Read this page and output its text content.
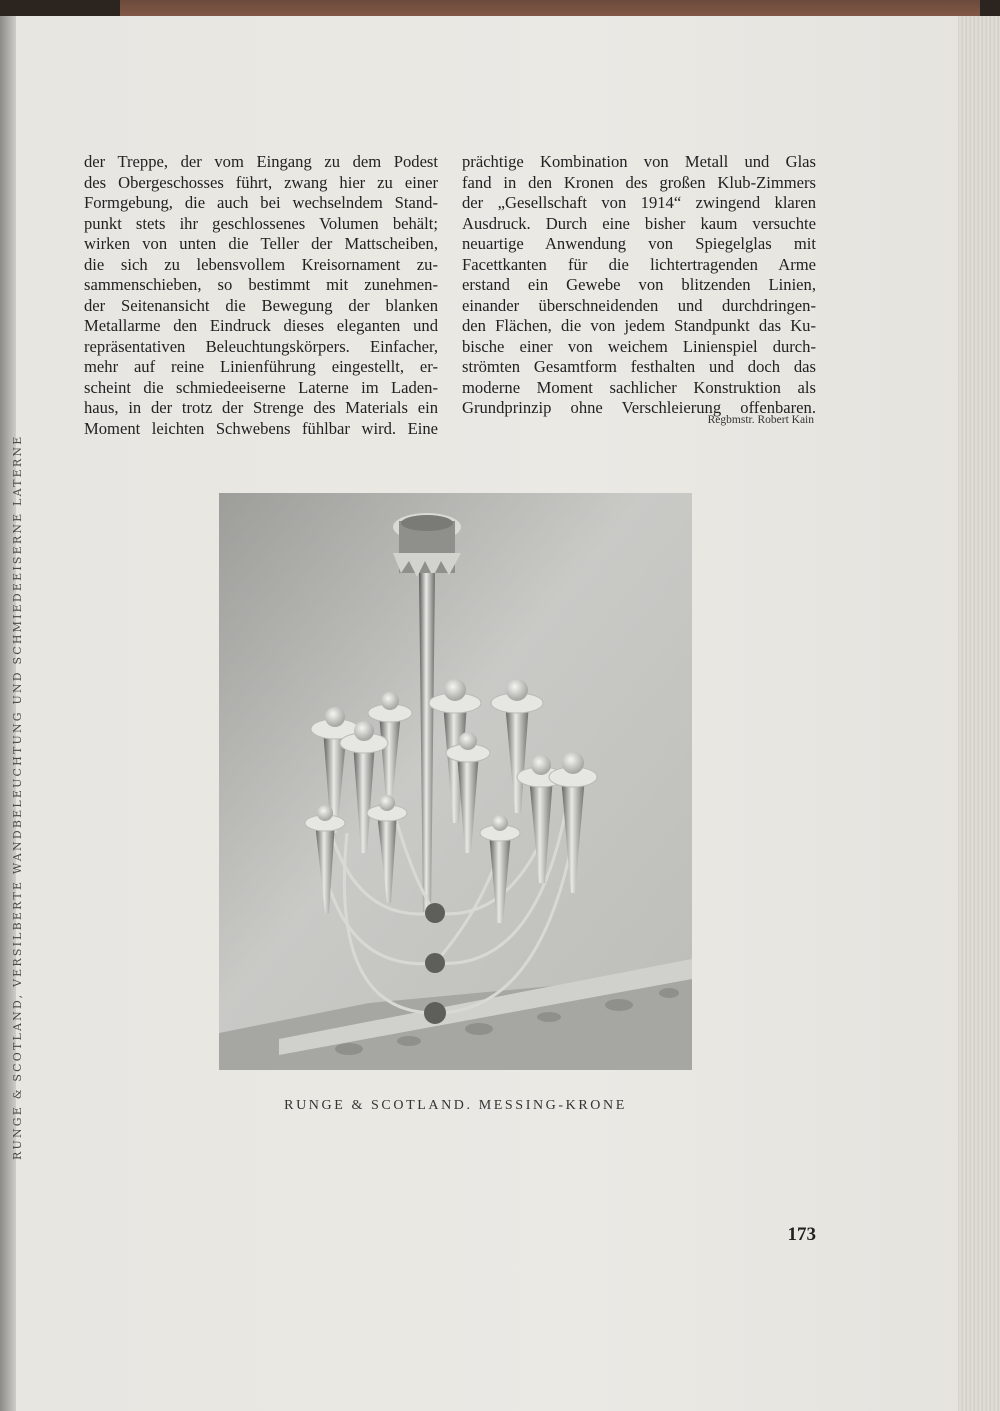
RUNGE & SCOTLAND, VERSILBERTE WANDBELEUCHTUNG UND SCHMIEDEEISERNE LATERNE
der Treppe, der vom Eingang zu dem Podest
des Obergeschosses führt, zwang hier zu einer
Formgebung, die auch bei wechselndem Stand-
punkt stets ihr geschlossenes Volumen behält;
wirken von unten die Teller der Mattscheiben,
die sich zu lebensvollem Kreisornament zu-
sammenschieben, so bestimmt mit zunehmen-
der Seitenansicht die Bewegung der blanken
Metallarme den Eindruck dieses eleganten und
repräsentativen Beleuchtungskörpers. Einfacher,
mehr auf reine Linienführung eingestellt, er-
scheint die schmiedeeiserne Laterne im Laden-
haus, in der trotz der Strenge des Materials ein
Moment leichten Schwebens fühlbar wird. Eine
prächtige Kombination von Metall und Glas
fand in den Kronen des großen Klub-Zimmers
der „Gesellschaft von 1914“ zwingend klaren
Ausdruck. Durch eine bisher kaum versuchte
neuartige Anwendung von Spiegelglas mit
Facettkanten für die lichtertragenden Arme
erstand ein Gewebe von blitzenden Linien,
einander überschneidenden und durchdringen-
den Flächen, die von jedem Standpunkt das Ku-
bische einer von weichem Linienspiel durch-
strömten Gesamtform festhalten und doch das
moderne Moment sachlicher Konstruktion als
Grundprinzip ohne Verschleierung offenbaren.
Regbmstr. Robert Kain
RUNGE & SCOTLAND. MESSING-KRONE
173
